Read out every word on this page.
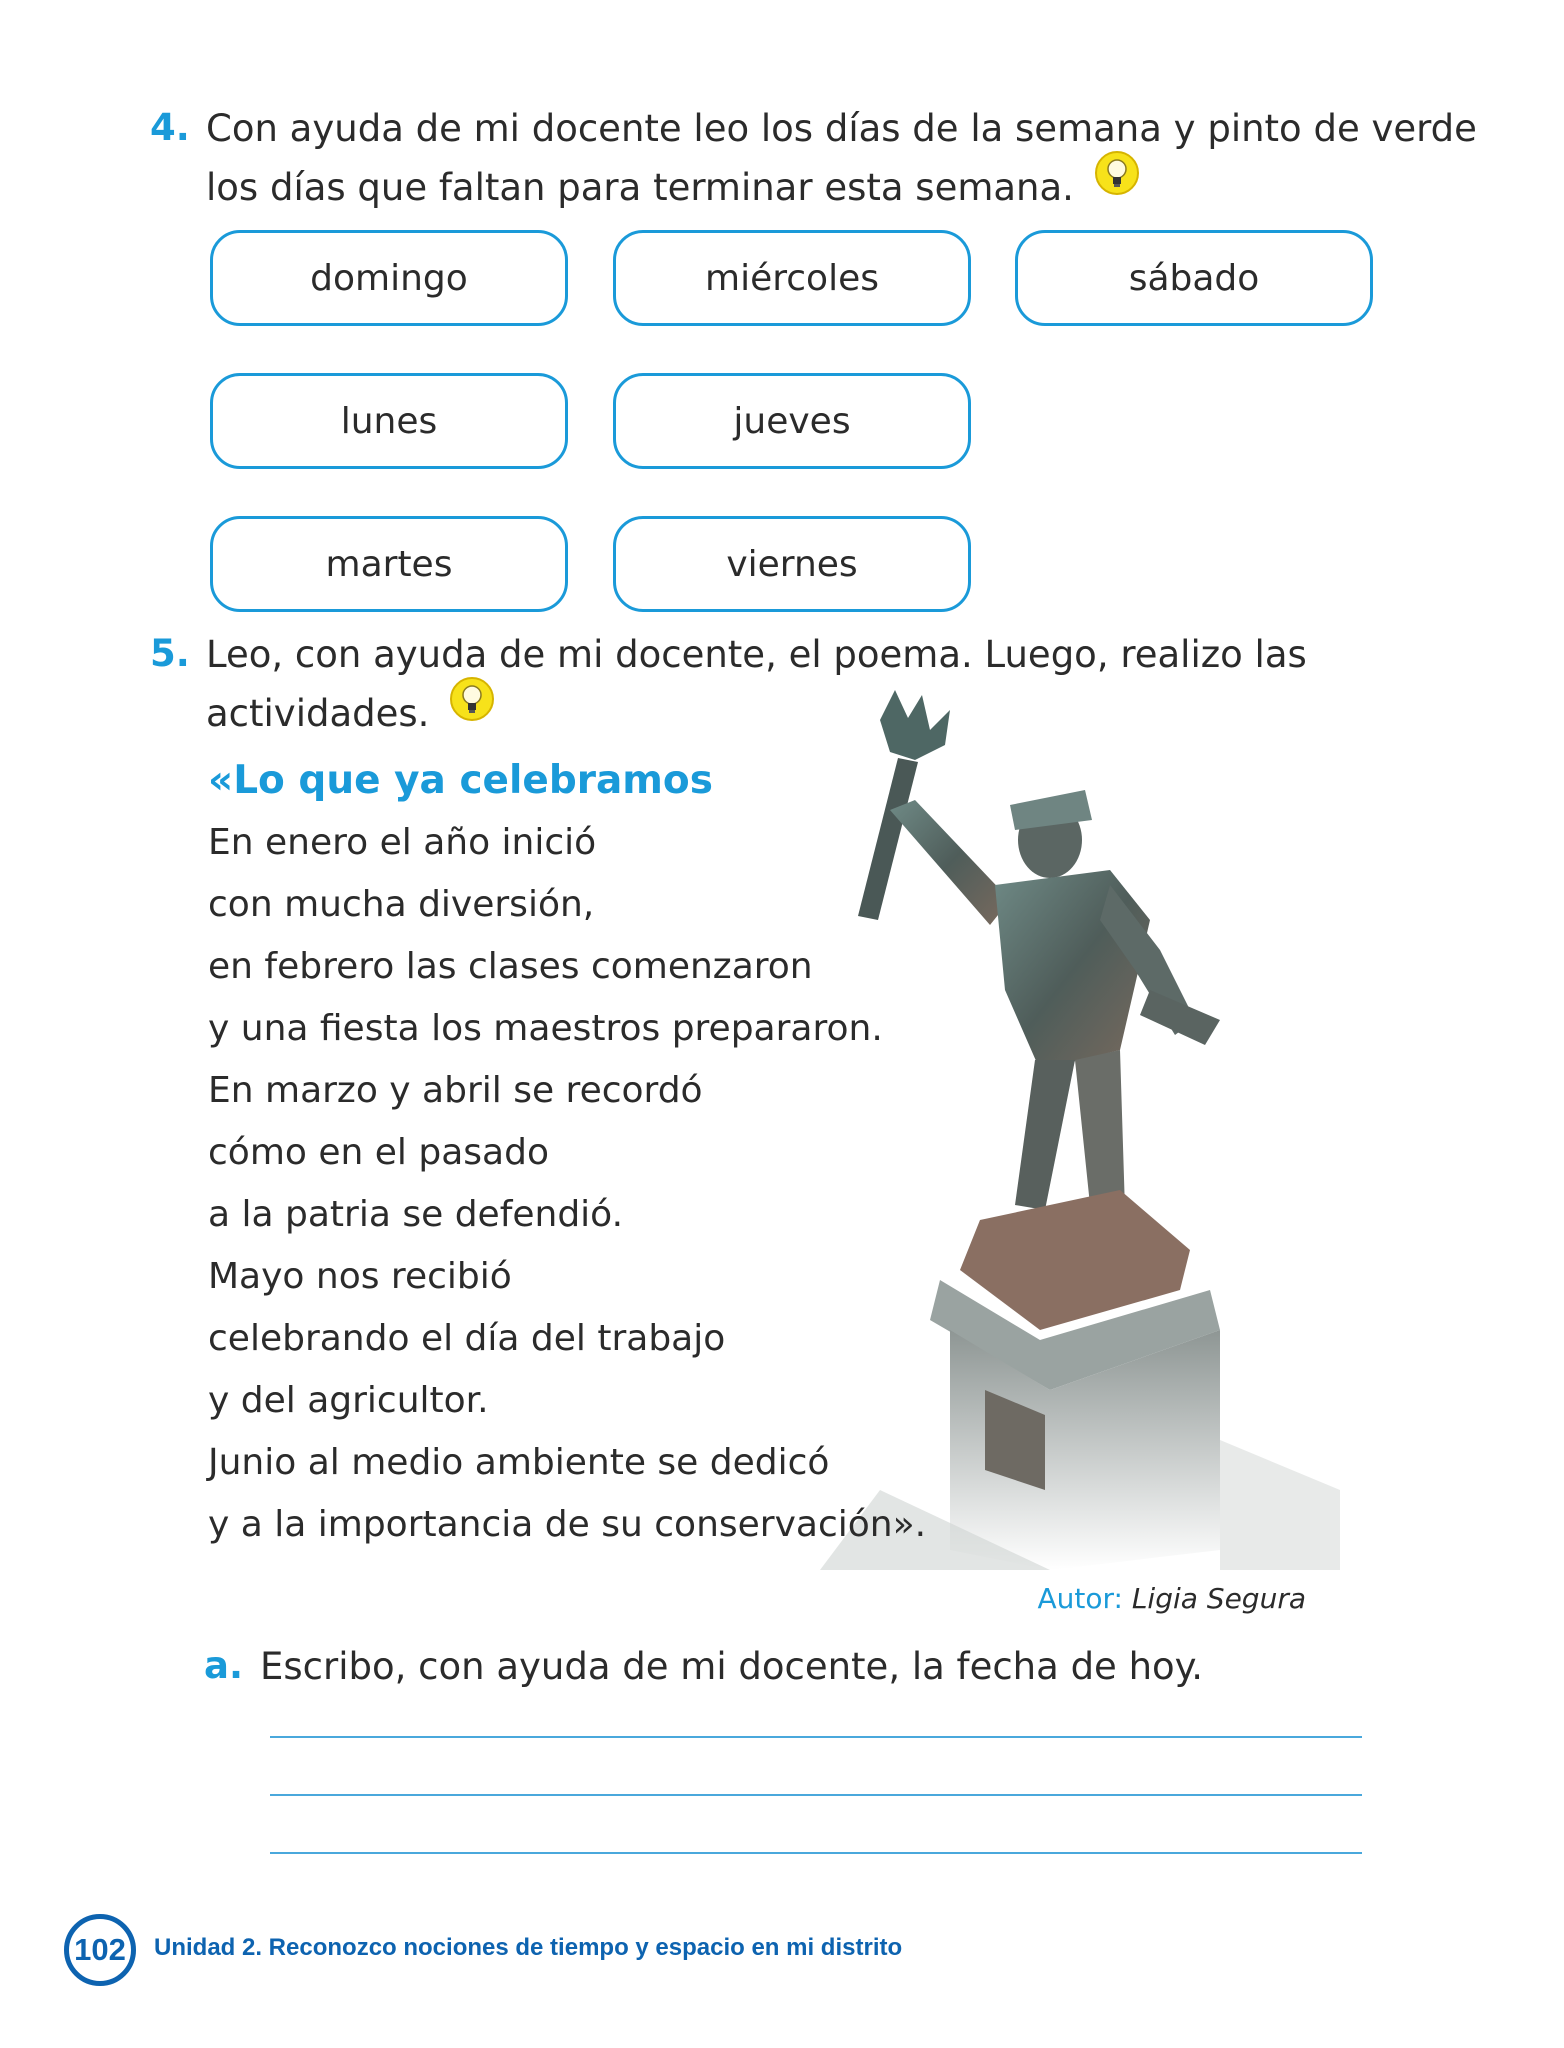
4. Con ayuda de mi docente leo los días de la semana y pinto de verde
los días que faltan para terminar esta semana.
domingo	miércoles	sábado
lunes	jueves
martes	viernes
5. Leo, con ayuda de mi docente, el poema. Luego, realizo las
actividades.
«Lo que ya celebramos
En enero el año inició
con mucha diversión,
en febrero las clases comenzaron
y una fiesta los maestros prepararon.
En marzo y abril se recordó
cómo en el pasado
a la patria se defendió.
Mayo nos recibió
celebrando el día del trabajo
y del agricultor.
Junio al medio ambiente se dedicó
y a la importancia de su conservación».
Autor: Ligia Segura
a. Escribo, con ayuda de mi docente, la fecha de hoy.
102	Unidad 2. Reconozco nociones de tiempo y espacio en mi distrito
